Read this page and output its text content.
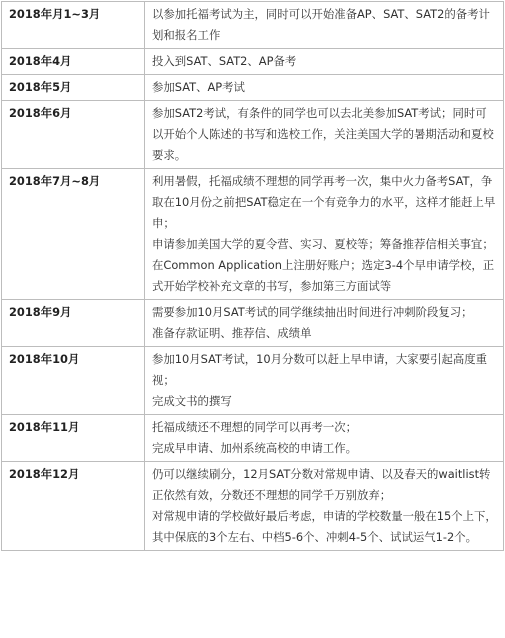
2018年月1~3月	以参加托福考试为主，同时可以开始准备AP、SAT、SAT2的备考计划和报名工作

2018年4月	投入到SAT、SAT2、AP备考

2018年5月	参加SAT、AP考试

2018年6月	参加SAT2考试，有条件的同学也可以去北美参加SAT考试；同时可以开始个人陈述的书写和选校工作，关注美国大学的暑期活动和夏校要求。

2018年7月~8月	利用暑假，托福成绩不理想的同学再考一次，集中火力备考SAT，争取在10月份之前把SAT稳定在一个有竞争力的水平，这样才能赶上早申；
申请参加美国大学的夏令营、实习、夏校等；筹备推荐信相关事宜；在Common Application上注册好账户；选定3-4个早申请学校，正式开始学校补充文章的书写，参加第三方面试等

2018年9月	需要参加10月SAT考试的同学继续抽出时间进行冲刺阶段复习；
准备存款证明、推荐信、成绩单

2018年10月	参加10月SAT考试，10月分数可以赶上早申请，大家要引起高度重视；
完成文书的撰写

2018年11月	托福成绩还不理想的同学可以再考一次；
完成早申请、加州系统高校的申请工作。

2018年12月	仍可以继续刷分，12月SAT分数对常规申请、以及春天的waitlist转正依然有效，分数还不理想的同学千万别放弃；
对常规申请的学校做好最后考虑，申请的学校数量一般在15个上下，其中保底的3个左右、中档5-6个、冲刺4-5个、试试运气1-2个。
